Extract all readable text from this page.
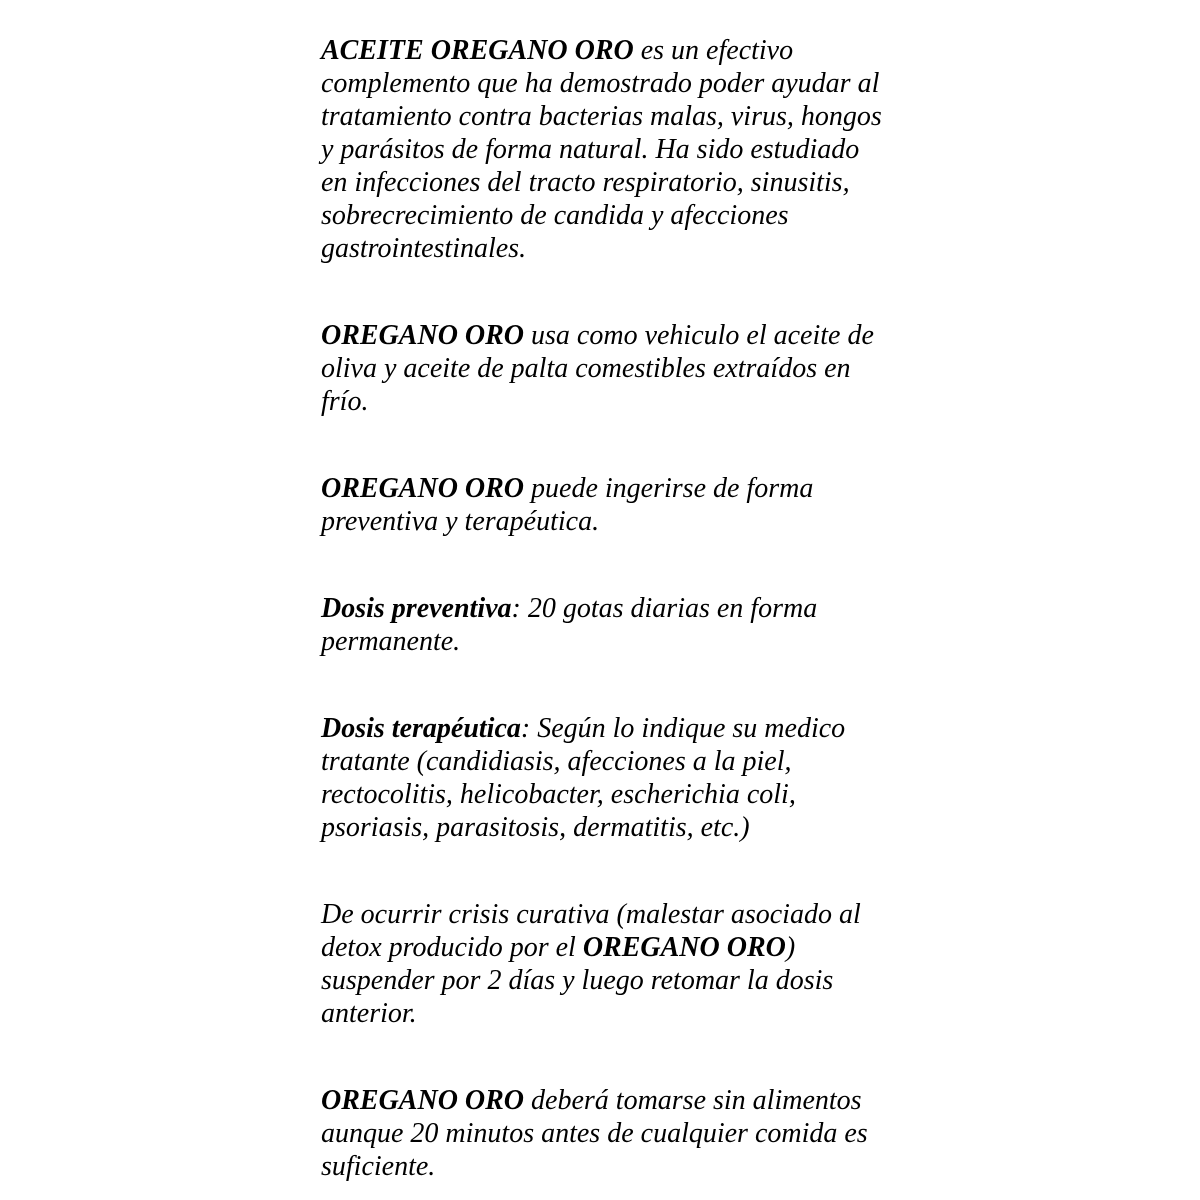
ACEITE OREGANO ORO es un efectivo
complemento que ha demostrado poder ayudar al
tratamiento contra bacterias malas, virus, hongos
y parásitos de forma natural. Ha sido estudiado
en infecciones del tracto respiratorio, sinusitis,
sobrecrecimiento de candida y afecciones
gastrointestinales.
OREGANO ORO usa como vehiculo el aceite de
oliva y aceite de palta comestibles extraídos en
frío.
OREGANO ORO puede ingerirse de forma
preventiva y terapéutica.
Dosis preventiva: 20 gotas diarias en forma
permanente.
Dosis terapéutica: Según lo indique su medico
tratante (candidiasis, afecciones a la piel,
rectocolitis, helicobacter, escherichia coli,
psoriasis, parasitosis, dermatitis, etc.)
De ocurrir crisis curativa (malestar asociado al
detox producido por el OREGANO ORO)
suspender por 2 días y luego retomar la dosis
anterior.
OREGANO ORO deberá tomarse sin alimentos
aunque 20 minutos antes de cualquier comida es
suficiente.
